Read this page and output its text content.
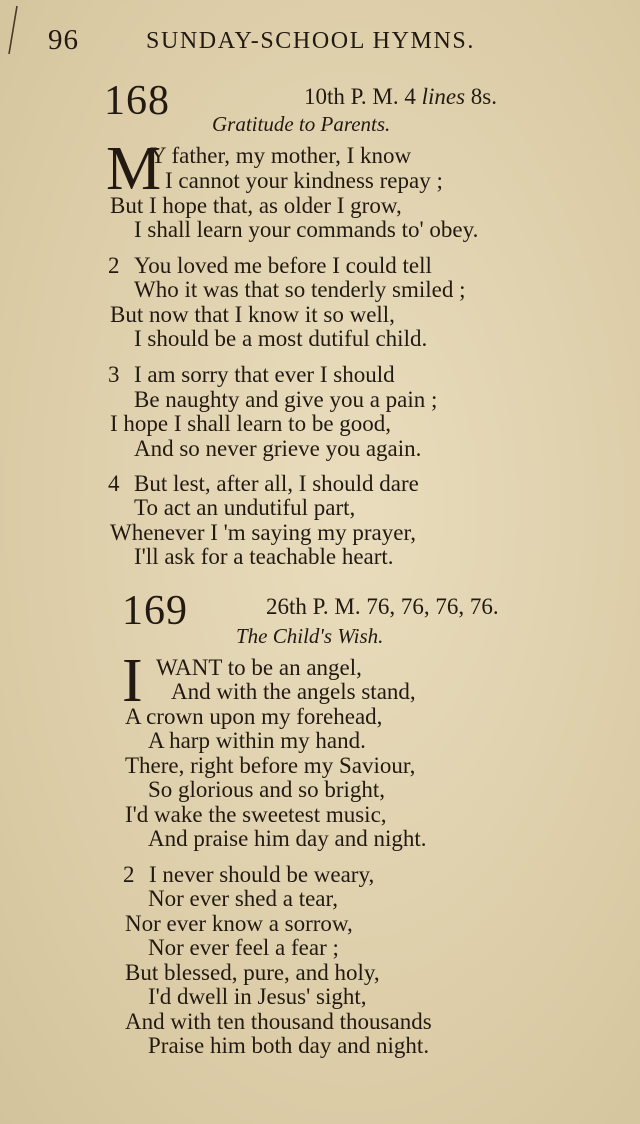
96	SUNDAY-SCHOOL HYMNS.
168	10th P. M. 4 lines 8s.
Gratitude to Parents.
M
Y father, my mother, I know
I cannot your kindness repay ;
But I hope that, as older I grow,
I shall learn your commands to' obey.
2 You loved me before I could tell
Who it was that so tenderly smiled ;
But now that I know it so well,
I should be a most dutiful child.
3 I am sorry that ever I should
Be naughty and give you a pain ;
I hope I shall learn to be good,
And so never grieve you again.
4 But lest, after all, I should dare
To act an undutiful part,
Whenever I 'm saying my prayer,
I'll ask for a teachable heart.
169	26th P. M. 76, 76, 76, 76.
The Child's Wish.
I WANT to be an angel,
And with the angels stand,
A crown upon my forehead,
A harp within my hand.
There, right before my Saviour,
So glorious and so bright,
I'd wake the sweetest music,
And praise him day and night.
2 I never should be weary,
Nor ever shed a tear,
Nor ever know a sorrow,
Nor ever feel a fear ;
But blessed, pure, and holy,
I'd dwell in Jesus' sight,
And with ten thousand thousands
Praise him both day and night.
